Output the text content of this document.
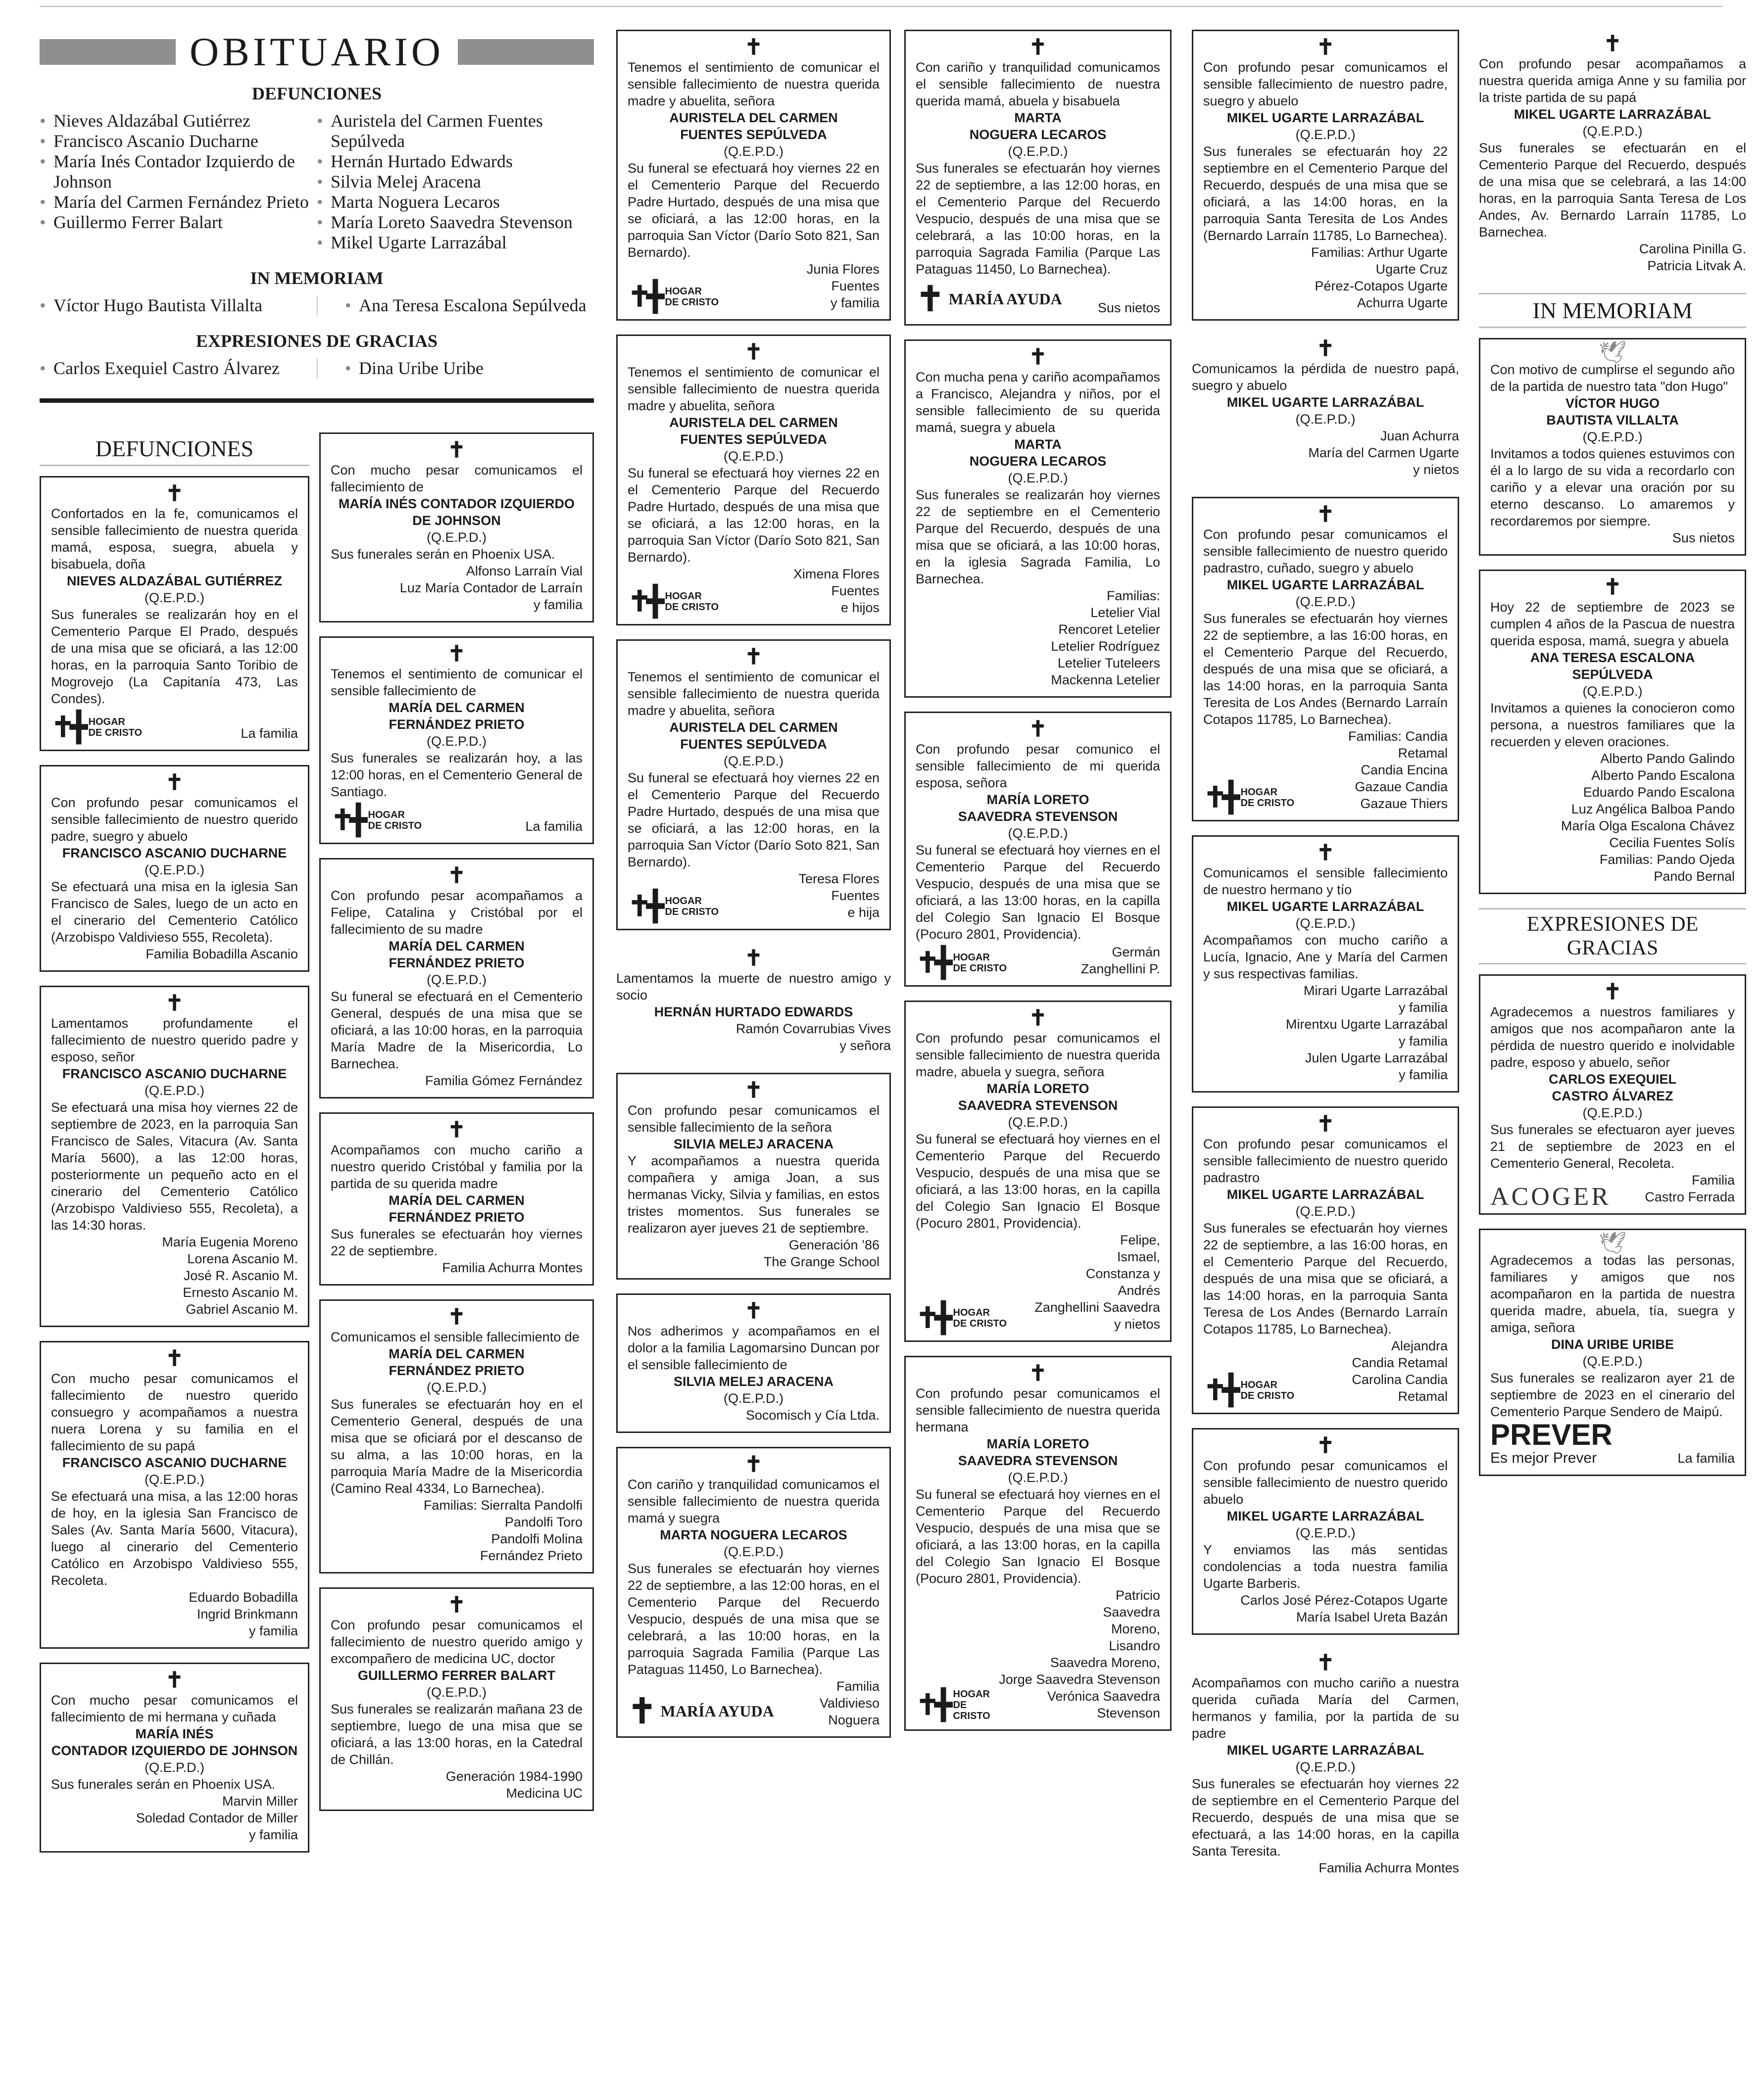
OBITUARIO
DEFUNCIONES
• Nieves Aldazábal Gutiérrez
• Francisco Ascanio Ducharne
• María Inés Contador Izquierdo de Johnson
• María del Carmen Fernández Prieto
• Guillermo Ferrer Balart
• Auristela del Carmen Fuentes Sepúlveda
• Hernán Hurtado Edwards
• Silvia Melej Aracena
• Marta Noguera Lecaros
• María Loreto Saavedra Stevenson
• Mikel Ugarte Larrazábal
IN MEMORIAM
• Víctor Hugo Bautista Villalta	• Ana Teresa Escalona Sepúlveda
EXPRESIONES DE GRACIAS
• Carlos Exequiel Castro Álvarez	• Dina Uribe Uribe
DEFUNCIONES
✝
Confortados en la fe, comunicamos el sensible fallecimiento de nuestra querida mamá, esposa, suegra, abuela y bisabuela, doña
NIEVES ALDAZÁBAL GUTIÉRREZ
(Q.E.P.D.)
Sus funerales se realizarán hoy en el Cementerio Parque El Prado, después de una misa que se oficiará, a las 12:00 horas, en la parroquia Santo Toribio de Mogrovejo (La Capitanía 473, Las Condes).
✝╋ HOGAR
DE CRISTO	La familia
✝
Con profundo pesar comunicamos el sensible fallecimiento de nuestro querido padre, suegro y abuelo
FRANCISCO ASCANIO DUCHARNE
(Q.E.P.D.)
Se efectuará una misa en la iglesia San Francisco de Sales, luego de un acto en el cinerario del Cementerio Católico (Arzobispo Valdivieso 555, Recoleta).
Familia Bobadilla Ascanio
✝
Lamentamos profundamente el fallecimiento de nuestro querido padre y esposo, señor
FRANCISCO ASCANIO DUCHARNE
(Q.E.P.D.)
Se efectuará una misa hoy viernes 22 de septiembre de 2023, en la parroquia San Francisco de Sales, Vitacura (Av. Santa María 5600), a las 12:00 horas, posteriormente un pequeño acto en el cinerario del Cementerio Católico (Arzobispo Valdivieso 555, Recoleta), a las 14:30 horas.
María Eugenia Moreno
Lorena Ascanio M.
José R. Ascanio M.
Ernesto Ascanio M.
Gabriel Ascanio M.
✝
Con mucho pesar comunicamos el fallecimiento de nuestro querido consuegro y acompañamos a nuestra nuera Lorena y su familia en el fallecimiento de su papá
FRANCISCO ASCANIO DUCHARNE
(Q.E.P.D.)
Se efectuará una misa, a las 12:00 horas de hoy, en la iglesia San Francisco de Sales (Av. Santa María 5600, Vitacura), luego al cinerario del Cementerio Católico en Arzobispo Valdivieso 555, Recoleta.
Eduardo Bobadilla
Ingrid Brinkmann
y familia
✝
Con mucho pesar comunicamos el fallecimiento de mi hermana y cuñada
MARÍA INÉS
CONTADOR IZQUIERDO DE JOHNSON
(Q.E.P.D.)
Sus funerales serán en Phoenix USA.
Marvin Miller
Soledad Contador de Miller
y familia
✝
Con mucho pesar comunicamos el fallecimiento de
MARÍA INÉS CONTADOR IZQUIERDO
DE JOHNSON
(Q.E.P.D.)
Sus funerales serán en Phoenix USA.
Alfonso Larraín Vial
Luz María Contador de Larraín
y familia
✝
Tenemos el sentimiento de comunicar el sensible fallecimiento de
MARÍA DEL CARMEN
FERNÁNDEZ PRIETO
(Q.E.P.D.)
Sus funerales se realizarán hoy, a las 12:00 horas, en el Cementerio General de Santiago.
✝╋ HOGAR
DE CRISTO	La familia
✝
Con profundo pesar acompañamos a Felipe, Catalina y Cristóbal por el fallecimiento de su madre
MARÍA DEL CARMEN
FERNÁNDEZ PRIETO
(Q.E.P.D.)
Su funeral se efectuará en el Cementerio General, después de una misa que se oficiará, a las 10:00 horas, en la parroquia María Madre de la Misericordia, Lo Barnechea.
Familia Gómez Fernández
✝
Acompañamos con mucho cariño a nuestro querido Cristóbal y familia por la partida de su querida madre
MARÍA DEL CARMEN
FERNÁNDEZ PRIETO
Sus funerales se efectuarán hoy viernes 22 de septiembre.
Familia Achurra Montes
✝
Comunicamos el sensible fallecimiento de
MARÍA DEL CARMEN
FERNÁNDEZ PRIETO
(Q.E.P.D.)
Sus funerales se efectuarán hoy en el Cementerio General, después de una misa que se oficiará por el descanso de su alma, a las 10:00 horas, en la parroquia María Madre de la Misericordia (Camino Real 4334, Lo Barnechea).
Familias: Sierralta Pandolfi
Pandolfi Toro
Pandolfi Molina
Fernández Prieto
✝
Con profundo pesar comunicamos el fallecimiento de nuestro querido amigo y excompañero de medicina UC, doctor
GUILLERMO FERRER BALART
(Q.E.P.D.)
Sus funerales se realizarán mañana 23 de septiembre, luego de una misa que se oficiará, a las 13:00 horas, en la Catedral de Chillán.
Generación 1984-1990
Medicina UC
✝
Tenemos el sentimiento de comunicar el sensible fallecimiento de nuestra querida madre y abuelita, señora
AURISTELA DEL CARMEN
FUENTES SEPÚLVEDA
(Q.E.P.D.)
Su funeral se efectuará hoy viernes 22 en el Cementerio Parque del Recuerdo Padre Hurtado, después de una misa que se oficiará, a las 12:00 horas, en la parroquia San Víctor (Darío Soto 821, San Bernardo).
✝╋ HOGAR
DE CRISTO
Junia Flores
Fuentes
y familia
✝
Tenemos el sentimiento de comunicar el sensible fallecimiento de nuestra querida madre y abuelita, señora
AURISTELA DEL CARMEN
FUENTES SEPÚLVEDA
(Q.E.P.D.)
Su funeral se efectuará hoy viernes 22 en el Cementerio Parque del Recuerdo Padre Hurtado, después de una misa que se oficiará, a las 12:00 horas, en la parroquia San Víctor (Darío Soto 821, San Bernardo).
✝╋ HOGAR
DE CRISTO
Ximena Flores
Fuentes
e hijos
✝
Tenemos el sentimiento de comunicar el sensible fallecimiento de nuestra querida madre y abuelita, señora
AURISTELA DEL CARMEN
FUENTES SEPÚLVEDA
(Q.E.P.D.)
Su funeral se efectuará hoy viernes 22 en el Cementerio Parque del Recuerdo Padre Hurtado, después de una misa que se oficiará, a las 12:00 horas, en la parroquia San Víctor (Darío Soto 821, San Bernardo).
✝╋ HOGAR
DE CRISTO
Teresa Flores
Fuentes
e hija
✝
Lamentamos la muerte de nuestro amigo y socio
HERNÁN HURTADO EDWARDS
Ramón Covarrubias Vives
y señora
✝
Con profundo pesar comunicamos el sensible fallecimiento de la señora
SILVIA MELEJ ARACENA
Y acompañamos a nuestra querida compañera y amiga Joan, a sus hermanas Vicky, Silvia y familias, en estos tristes momentos. Sus funerales se realizaron ayer jueves 21 de septiembre.
Generación ’86
The Grange School
✝
Nos adherimos y acompañamos en el dolor a la familia Lagomarsino Duncan por el sensible fallecimiento de
SILVIA MELEJ ARACENA
(Q.E.P.D.)
Socomisch y Cía Ltda.
✝
Con cariño y tranquilidad comunicamos el sensible fallecimiento de nuestra querida mamá y suegra
MARTA NOGUERA LECAROS
(Q.E.P.D.)
Sus funerales se efectuarán hoy viernes 22 de septiembre, a las 12:00 horas, en el Cementerio Parque del Recuerdo Vespucio, después de una misa que se celebrará, a las 10:00 horas, en la parroquia Sagrada Familia (Parque Las Pataguas 11450, Lo Barnechea).
✝ MARÍA AYUDA
Familia
Valdivieso
Noguera
✝
Con cariño y tranquilidad comunicamos el sensible fallecimiento de nuestra querida mamá, abuela y bisabuela
MARTA
NOGUERA LECAROS
(Q.E.P.D.)
Sus funerales se efectuarán hoy viernes 22 de septiembre, a las 12:00 horas, en el Cementerio Parque del Recuerdo Vespucio, después de una misa que se celebrará, a las 10:00 horas, en la parroquia Sagrada Familia (Parque Las Pataguas 11450, Lo Barnechea).
✝ MARÍA AYUDA	Sus nietos
✝
Con mucha pena y cariño acompañamos a Francisco, Alejandra y niños, por el sensible fallecimiento de su querida mamá, suegra y abuela
MARTA
NOGUERA LECAROS
(Q.E.P.D.)
Sus funerales se realizarán hoy viernes 22 de septiembre en el Cementerio Parque del Recuerdo, después de una misa que se oficiará, a las 10:00 horas, en la iglesia Sagrada Familia, Lo Barnechea.
Familias:
Letelier Vial
Rencoret Letelier
Letelier Rodríguez
Letelier Tuteleers
Mackenna Letelier
✝
Con profundo pesar comunico el sensible fallecimiento de mi querida esposa, señora
MARÍA LORETO
SAAVEDRA STEVENSON
(Q.E.P.D.)
Su funeral se efectuará hoy viernes en el Cementerio Parque del Recuerdo Vespucio, después de una misa que se oficiará, a las 13:00 horas, en la capilla del Colegio San Ignacio El Bosque (Pocuro 2801, Providencia).
✝╋ HOGAR
DE CRISTO
Germán
Zanghellini P.
✝
Con profundo pesar comunicamos el sensible fallecimiento de nuestra querida madre, abuela y suegra, señora
MARÍA LORETO
SAAVEDRA STEVENSON
(Q.E.P.D.)
Su funeral se efectuará hoy viernes en el Cementerio Parque del Recuerdo Vespucio, después de una misa que se oficiará, a las 13:00 horas, en la capilla del Colegio San Ignacio El Bosque (Pocuro 2801, Providencia).
✝╋ HOGAR
DE CRISTO
Felipe,
Ismael,
Constanza y
Andrés
Zanghellini Saavedra
y nietos
✝
Con profundo pesar comunicamos el sensible fallecimiento de nuestra querida hermana
MARÍA LORETO
SAAVEDRA STEVENSON
(Q.E.P.D.)
Su funeral se efectuará hoy viernes en el Cementerio Parque del Recuerdo Vespucio, después de una misa que se oficiará, a las 13:00 horas, en la capilla del Colegio San Ignacio El Bosque (Pocuro 2801, Providencia).
✝╋ HOGAR
DE CRISTO
Patricio
Saavedra
Moreno,
Lisandro
Saavedra Moreno,
Jorge Saavedra Stevenson
Verónica Saavedra Stevenson
✝
Con profundo pesar comunicamos el sensible fallecimiento de nuestro padre, suegro y abuelo
MIKEL UGARTE LARRAZÁBAL
(Q.E.P.D.)
Sus funerales se efectuarán hoy 22 septiembre en el Cementerio Parque del Recuerdo, después de una misa que se oficiará, a las 14:00 horas, en la parroquia Santa Teresita de Los Andes (Bernardo Larraín 11785, Lo Barnechea).
Familias: Arthur Ugarte
Ugarte Cruz
Pérez-Cotapos Ugarte
Achurra Ugarte
✝
Comunicamos la pérdida de nuestro papá, suegro y abuelo
MIKEL UGARTE LARRAZÁBAL
(Q.E.P.D.)
Juan Achurra
María del Carmen Ugarte
y nietos
✝
Con profundo pesar comunicamos el sensible fallecimiento de nuestro querido padrastro, cuñado, suegro y abuelo
MIKEL UGARTE LARRAZÁBAL
(Q.E.P.D.)
Sus funerales se efectuarán hoy viernes 22 de septiembre, a las 16:00 horas, en el Cementerio Parque del Recuerdo, después de una misa que se oficiará, a las 14:00 horas, en la parroquia Santa Teresita de Los Andes (Bernardo Larraín Cotapos 11785, Lo Barnechea).
✝╋ HOGAR
DE CRISTO
Familias: Candia
Retamal
Candia Encina
Gazaue Candia
Gazaue Thiers
✝
Comunicamos el sensible fallecimiento de nuestro hermano y tío
MIKEL UGARTE LARRAZÁBAL
(Q.E.P.D.)
Acompañamos con mucho cariño a Lucía, Ignacio, Ane y María del Carmen y sus respectivas familias.
Mirari Ugarte Larrazábal
y familia
Mirentxu Ugarte Larrazábal
y familia
Julen Ugarte Larrazábal
y familia
✝
Con profundo pesar comunicamos el sensible fallecimiento de nuestro querido padrastro
MIKEL UGARTE LARRAZÁBAL
(Q.E.P.D.)
Sus funerales se efectuarán hoy viernes 22 de septiembre, a las 16:00 horas, en el Cementerio Parque del Recuerdo, después de una misa que se oficiará, a las 14:00 horas, en la parroquia Santa Teresa de Los Andes (Bernardo Larraín Cotapos 11785, Lo Barnechea).
✝╋ HOGAR
DE CRISTO
Alejandra
Candia Retamal
Carolina Candia
Retamal
✝
Con profundo pesar comunicamos el sensible fallecimiento de nuestro querido abuelo
MIKEL UGARTE LARRAZÁBAL
(Q.E.P.D.)
Y enviamos las más sentidas condolencias a toda nuestra familia Ugarte Barberis.
Carlos José Pérez-Cotapos Ugarte
María Isabel Ureta Bazán
✝
Acompañamos con mucho cariño a nuestra querida cuñada María del Carmen, hermanos y familia, por la partida de su padre
MIKEL UGARTE LARRAZÁBAL
(Q.E.P.D.)
Sus funerales se efectuarán hoy viernes 22 de septiembre en el Cementerio Parque del Recuerdo, después de una misa que se efectuará, a las 14:00 horas, en la capilla Santa Teresita.
Familia Achurra Montes
✝
Con profundo pesar acompañamos a nuestra querida amiga Anne y su familia por la triste partida de su papá
MIKEL UGARTE LARRAZÁBAL
(Q.E.P.D.)
Sus funerales se efectuarán en el Cementerio Parque del Recuerdo, después de una misa que se celebrará, a las 14:00 horas, en la parroquia Santa Teresa de Los Andes, Av. Bernardo Larraín 11785, Lo Barnechea.
Carolina Pinilla G.
Patricia Litvak A.
IN MEMORIAM
🕊
Con motivo de cumplirse el segundo año de la partida de nuestro tata "don Hugo"
VÍCTOR HUGO
BAUTISTA VILLALTA
(Q.E.P.D.)
Invitamos a todos quienes estuvimos con él a lo largo de su vida a recordarlo con cariño y a elevar una oración por su eterno descanso. Lo amaremos y recordaremos por siempre.
Sus nietos
✝
Hoy 22 de septiembre de 2023 se cumplen 4 años de la Pascua de nuestra querida esposa, mamá, suegra y abuela
ANA TERESA ESCALONA
SEPÚLVEDA
(Q.E.P.D.)
Invitamos a quienes la conocieron como persona, a nuestros familiares que la recuerden y eleven oraciones.
Alberto Pando Galindo
Alberto Pando Escalona
Eduardo Pando Escalona
Luz Angélica Balboa Pando
María Olga Escalona Chávez
Cecilia Fuentes Solís
Familias: Pando Ojeda
Pando Bernal
EXPRESIONES DE GRACIAS
✝
Agradecemos a nuestros familiares y amigos que nos acompañaron ante la pérdida de nuestro querido e inolvidable padre, esposo y abuelo, señor
CARLOS EXEQUIEL
CASTRO ÁLVAREZ
(Q.E.P.D.)
Sus funerales se efectuaron ayer jueves 21 de septiembre de 2023 en el Cementerio General, Recoleta.
ACOGER
Familia
Castro Ferrada
🕊
Agradecemos a todas las personas, familiares y amigos que nos acompañaron en la partida de nuestra querida madre, abuela, tía, suegra y amiga, señora
DINA URIBE URIBE
(Q.E.P.D.)
Sus funerales se realizaron ayer 21 de septiembre de 2023 en el cinerario del Cementerio Parque Sendero de Maipú.
PREVER
Es mejor Prever	La familia
